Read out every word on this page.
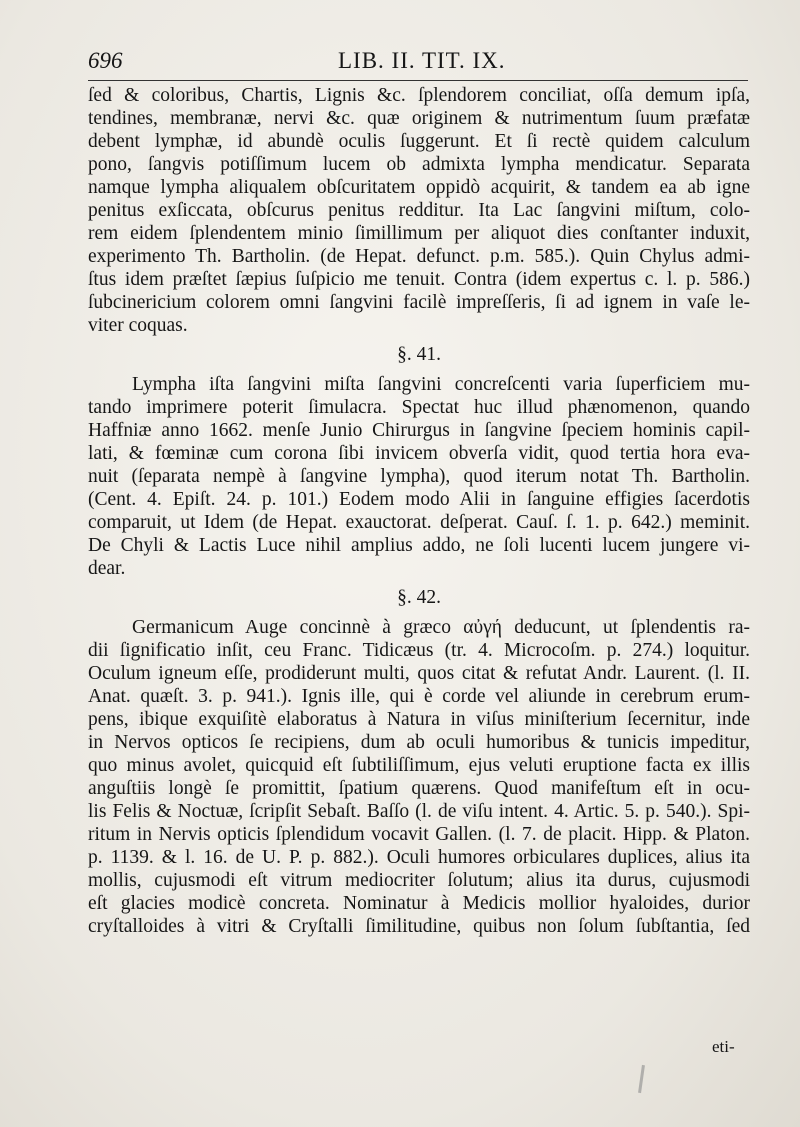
696	LIB. II. TIT. IX.
ſed & coloribus, Chartis, Lignis &c. ſplendorem conciliat, oſſa demum ipſa,
tendines, membranæ, nervi &c. quæ originem & nutrimentum ſuum præfatæ
debent lymphæ, id abundè oculis ſuggerunt. Et ſi rectè quidem calculum
pono, ſangvis potiſſimum lucem ob admixta lympha mendicatur. Separata
namque lympha aliqualem obſcuritatem oppidò acquirit, & tandem ea ab igne
penitus exſiccata, obſcurus penitus redditur. Ita Lac ſangvini miſtum, colo-
rem eidem ſplendentem minio ſimillimum per aliquot dies conſtanter induxit,
experimento Th. Bartholin. (de Hepat. defunct. p.m. 585.). Quin Chylus admi-
ſtus idem præſtet ſæpius ſuſpicio me tenuit. Contra (idem expertus c. l. p. 586.)
ſubcinericium colorem omni ſangvini facilè impreſſeris, ſi ad ignem in vaſe le-
viter coquas.
§. 41.
Lympha iſta ſangvini miſta ſangvini concreſcenti varia ſuperficiem mu-
tando imprimere poterit ſimulacra. Spectat huc illud phænomenon, quando
Haffniæ anno 1662. menſe Junio Chirurgus in ſangvine ſpeciem hominis capil-
lati, & fœminæ cum corona ſibi invicem obverſa vidit, quod tertia hora eva-
nuit (ſeparata nempè à ſangvine lympha), quod iterum notat Th. Bartholin.
(Cent. 4. Epiſt. 24. p. 101.) Eodem modo Alii in ſanguine effigies ſacerdotis
comparuit, ut Idem (de Hepat. exauctorat. deſperat. Cauſ. ſ. 1. p. 642.) meminit.
De Chyli & Lactis Luce nihil amplius addo, ne ſoli lucenti lucem jungere vi-
dear.
§. 42.
Germanicum Auge concinnè à græco αὐγή deducunt, ut ſplendentis ra-
dii ſignificatio inſit, ceu Franc. Tidicæus (tr. 4. Microcoſm. p. 274.) loquitur.
Oculum igneum eſſe, prodiderunt multi, quos citat & refutat Andr. Laurent. (l. II.
Anat. quæſt. 3. p. 941.). Ignis ille, qui è corde vel aliunde in cerebrum erum-
pens, ibique exquiſitè elaboratus à Natura in viſus miniſterium ſecernitur, inde
in Nervos opticos ſe recipiens, dum ab oculi humoribus & tunicis impeditur,
quo minus avolet, quicquid eſt ſubtiliſſimum, ejus veluti eruptione facta ex illis
anguſtiis longè ſe promittit, ſpatium quærens. Quod manifeſtum eſt in ocu-
lis Felis & Noctuæ, ſcripſit Sebaſt. Baſſo (l. de viſu intent. 4. Artic. 5. p. 540.). Spi-
ritum in Nervis opticis ſplendidum vocavit Gallen. (l. 7. de placit. Hipp. & Platon.
p. 1139. & l. 16. de U. P. p. 882.). Oculi humores orbiculares duplices, alius ita
mollis, cujusmodi eſt vitrum mediocriter ſolutum; alius ita durus, cujusmodi
eſt glacies modicè concreta. Nominatur à Medicis mollior hyaloides, durior
cryſtalloides à vitri & Cryſtalli ſimilitudine, quibus non ſolum ſubſtantia, ſed
eti-
